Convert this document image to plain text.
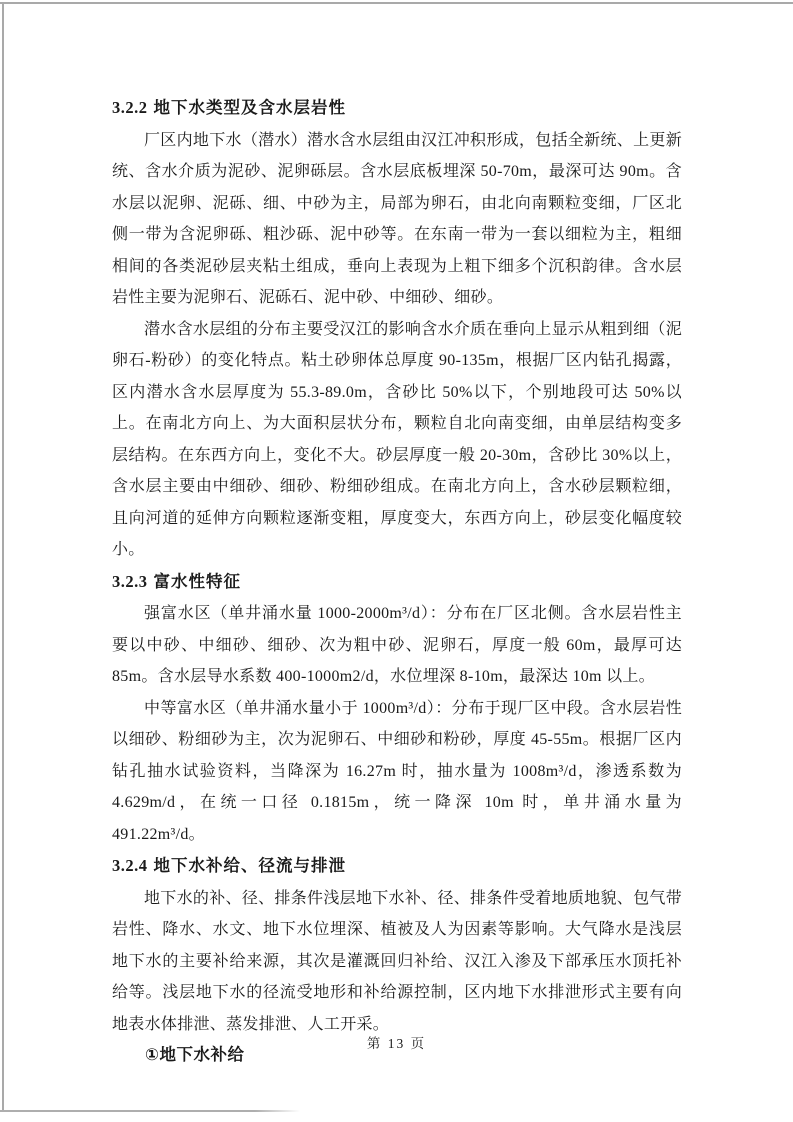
3.2.2 地下水类型及含水层岩性

厂区内地下水（潜水）潜水含水层组由汉江冲积形成，包括全新统、上更新统、含水介质为泥砂、泥卵砾层。含水层底板埋深 50-70m，最深可达 90m。含水层以泥卵、泥砾、细、中砂为主，局部为卵石，由北向南颗粒变细，厂区北侧一带为含泥卵砾、粗沙砾、泥中砂等。在东南一带为一套以细粒为主，粗细相间的各类泥砂层夹粘土组成，垂向上表现为上粗下细多个沉积韵律。含水层岩性主要为泥卵石、泥砾石、泥中砂、中细砂、细砂。

潜水含水层组的分布主要受汉江的影响含水介质在垂向上显示从粗到细（泥卵石-粉砂）的变化特点。粘土砂卵体总厚度 90-135m，根据厂区内钻孔揭露，区内潜水含水层厚度为 55.3-89.0m，含砂比 50%以下，个别地段可达 50%以上。在南北方向上、为大面积层状分布，颗粒自北向南变细，由单层结构变多层结构。在东西方向上，变化不大。砂层厚度一般 20-30m，含砂比 30%以上，含水层主要由中细砂、细砂、粉细砂组成。在南北方向上，含水砂层颗粒细，且向河道的延伸方向颗粒逐渐变粗，厚度变大，东西方向上，砂层变化幅度较小。

3.2.3 富水性特征

强富水区（单井涌水量 1000-2000m³/d）：分布在厂区北侧。含水层岩性主要以中砂、中细砂、细砂、次为粗中砂、泥卵石，厚度一般 60m，最厚可达 85m。含水层导水系数 400-1000m2/d，水位埋深 8-10m，最深达 10m 以上。

中等富水区（单井涌水量小于 1000m³/d）：分布于现厂区中段。含水层岩性以细砂、粉细砂为主，次为泥卵石、中细砂和粉砂，厚度 45-55m。根据厂区内钻孔抽水试验资料，当降深为 16.27m 时，抽水量为 1008m³/d，渗透系数为 4.629m/d，在统一口径 0.1815m，统一降深 10m 时，单井涌水量为 491.22m³/d。

3.2.4 地下水补给、径流与排泄

地下水的补、径、排条件浅层地下水补、径、排条件受着地质地貌、包气带岩性、降水、水文、地下水位埋深、植被及人为因素等影响。大气降水是浅层地下水的主要补给来源，其次是灌溉回归补给、汉江入渗及下部承压水顶托补给等。浅层地下水的径流受地形和补给源控制，区内地下水排泄形式主要有向地表水体排泄、蒸发排泄、人工开采。

①地下水补给
第 13 页
